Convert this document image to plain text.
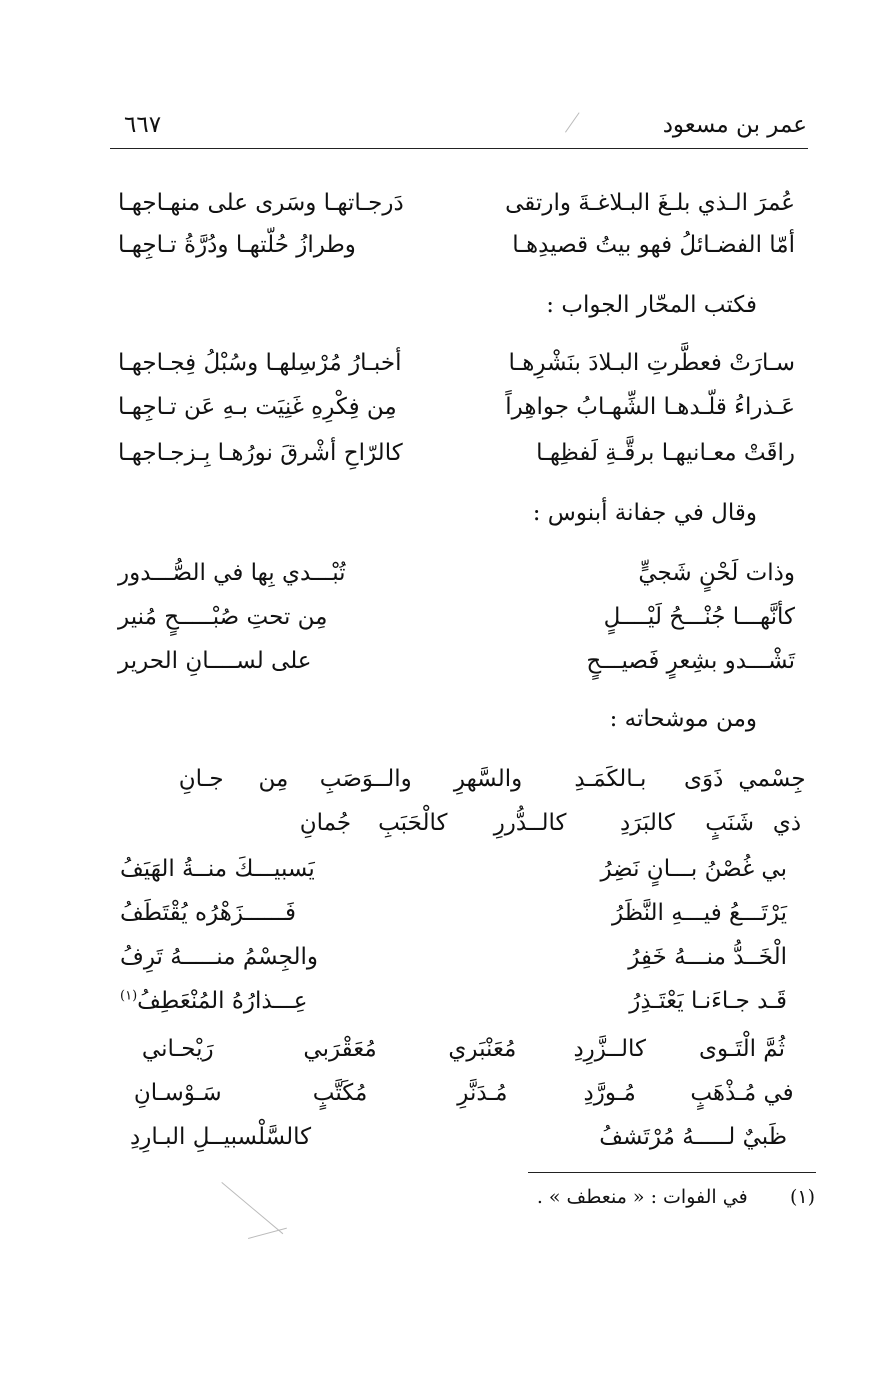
عمر بن مسعود
٦٦٧
عُمرَ الـذي بلـغَ البـلاغـةَ وارتقى
دَرجـاتهـا وسَرى على منهـاجهـا
أمّا الفضـائلُ فهو بيتُ قصيدِهـا
وطرازُ حُلّتهـا ودُرَّةُ تـاجِهـا
فكتب المحّار الجواب :
سـارَتْ فعطَّرتِ البـلادَ بنَشْرِهـا
أخبـارُ مُرْسِلهـا وسُبْلُ فِجـاجهـا
عَـذراءُ قلّـدهـا الشِّهـابُ جواهِراً
مِن فِكْرِهِ غَنِيَت بـهِ عَن تـاجِهـا
راقَتْ معـانيهـا برقَّـةِ لَفظِهـا
كالرّاحِ أشْرقَ نورُهـا بِـزجـاجهـا
وقال في جفانة أبنوس :
وذات لَحْنٍ شَجيٍّ
تُبْـــدي بِها في الصُّـــدور
كأنَّهـــا جُنْـــحُ لَيْــــلٍ
مِن تحتِ صُبْـــــحٍ مُنير
تَشْـــدو بشِعرٍ فَصيـــحٍ
على لســــانِ الحرير
ومن موشحاته :
جِسْمي ذَوَى بـالكَمَـدِ والسَّهرِ والــوَصَبِ مِن جـانِ
ذي شَنَبٍ كالبَرَدِ كالــدُّررِ كالْحَبَبِ جُمانِ
بي غُصْنُ بـــانٍ نَضِرُ
يَسبيـــكَ منــةُ الهَيَفُ
يَرْتَـــعُ فيـــهِ النَّظَرُ
فَــــــزَهْرُه يُقْتَطَفُ
الْخَــدُّ منـــهُ خَفِرُ
والجِسْمُ منـــــهُ تَرِفُ
قَـد جـاءَنـا يَعْتَـذِرُ
عِـــذارُهُ المُنْعَطِفُ$^{(١)}$
ثُمَّ الْتَـوى كالــزَّرِدِ مُعَنْبَري مُعَقْرَبي رَيْحـاني
في مُـذْهَبٍ مُـورَّدِ مُـدَنَّرِ مُكَتَّبٍ سَـوْسـانِ
ظَبيٌ لـــــهُ مُرْتَشفُ
كالسَّلْسبيــلِ البـارِدِ
(١)       في الفوات : « منعطف » .
